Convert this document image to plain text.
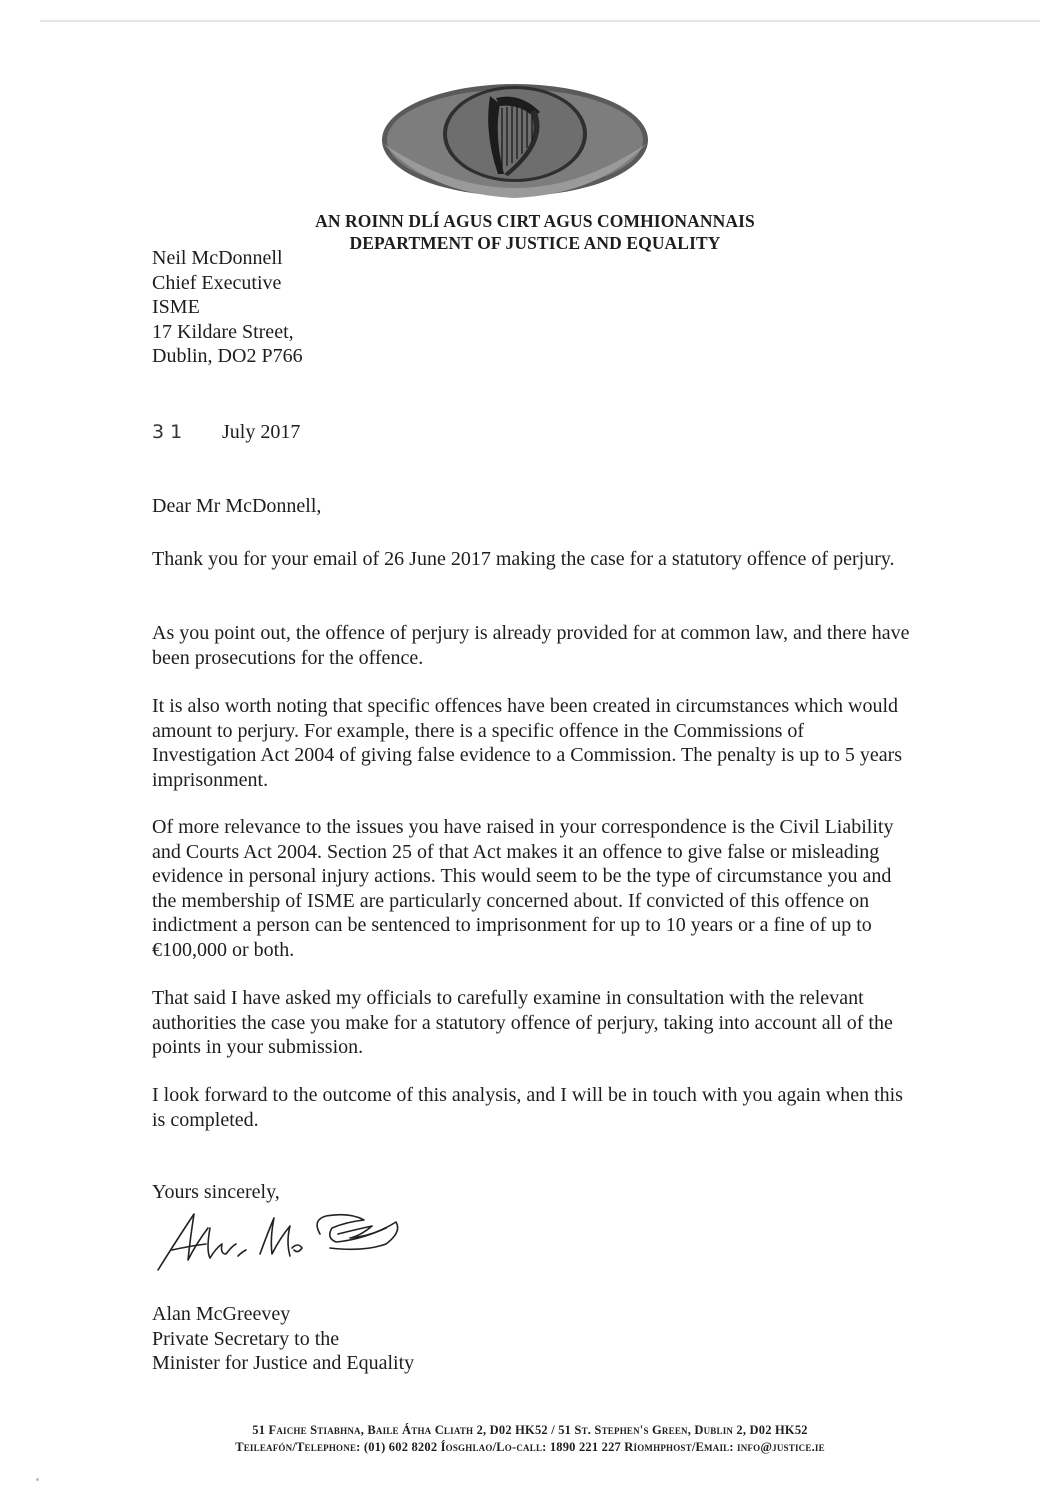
AN ROINN DLÍ AGUS CIRT AGUS COMHIONANNAIS
DEPARTMENT OF JUSTICE AND EQUALITY
Neil McDonnell
Chief Executive
ISME
17 Kildare Street,
Dublin, DO2 P766
31 July 2017
Dear Mr McDonnell,

Thank you for your email of 26 June 2017 making the case for a statutory offence of perjury.

As you point out, the offence of perjury is already provided for at common law, and there have been prosecutions for the offence.

It is also worth noting that specific offences have been created in circumstances which would amount to perjury. For example, there is a specific offence in the Commissions of Investigation Act 2004 of giving false evidence to a Commission. The penalty is up to 5 years imprisonment.

Of more relevance to the issues you have raised in your correspondence is the Civil Liability and Courts Act 2004. Section 25 of that Act makes it an offence to give false or misleading evidence in personal injury actions. This would seem to be the type of circumstance you and the membership of ISME are particularly concerned about. If convicted of this offence on indictment a person can be sentenced to imprisonment for up to 10 years or a fine of up to €100,000 or both.

That said I have asked my officials to carefully examine in consultation with the relevant authorities the case you make for a statutory offence of perjury, taking into account all of the points in your submission.

I look forward to the outcome of this analysis, and I will be in touch with you again when this is completed.

Yours sincerely,
Alan McGreevey
Private Secretary to the
Minister for Justice and Equality
51 Faiche Stiabhna, Baile Átha Cliath 2, D02 HK52 / 51 St. Stephen's Green, Dublin 2, D02 HK52
Teileafón/Telephone: (01) 602 8202 Íosghlao/Lo-call: 1890 221 227 Ríomhphost/Email: info@justice.ie
